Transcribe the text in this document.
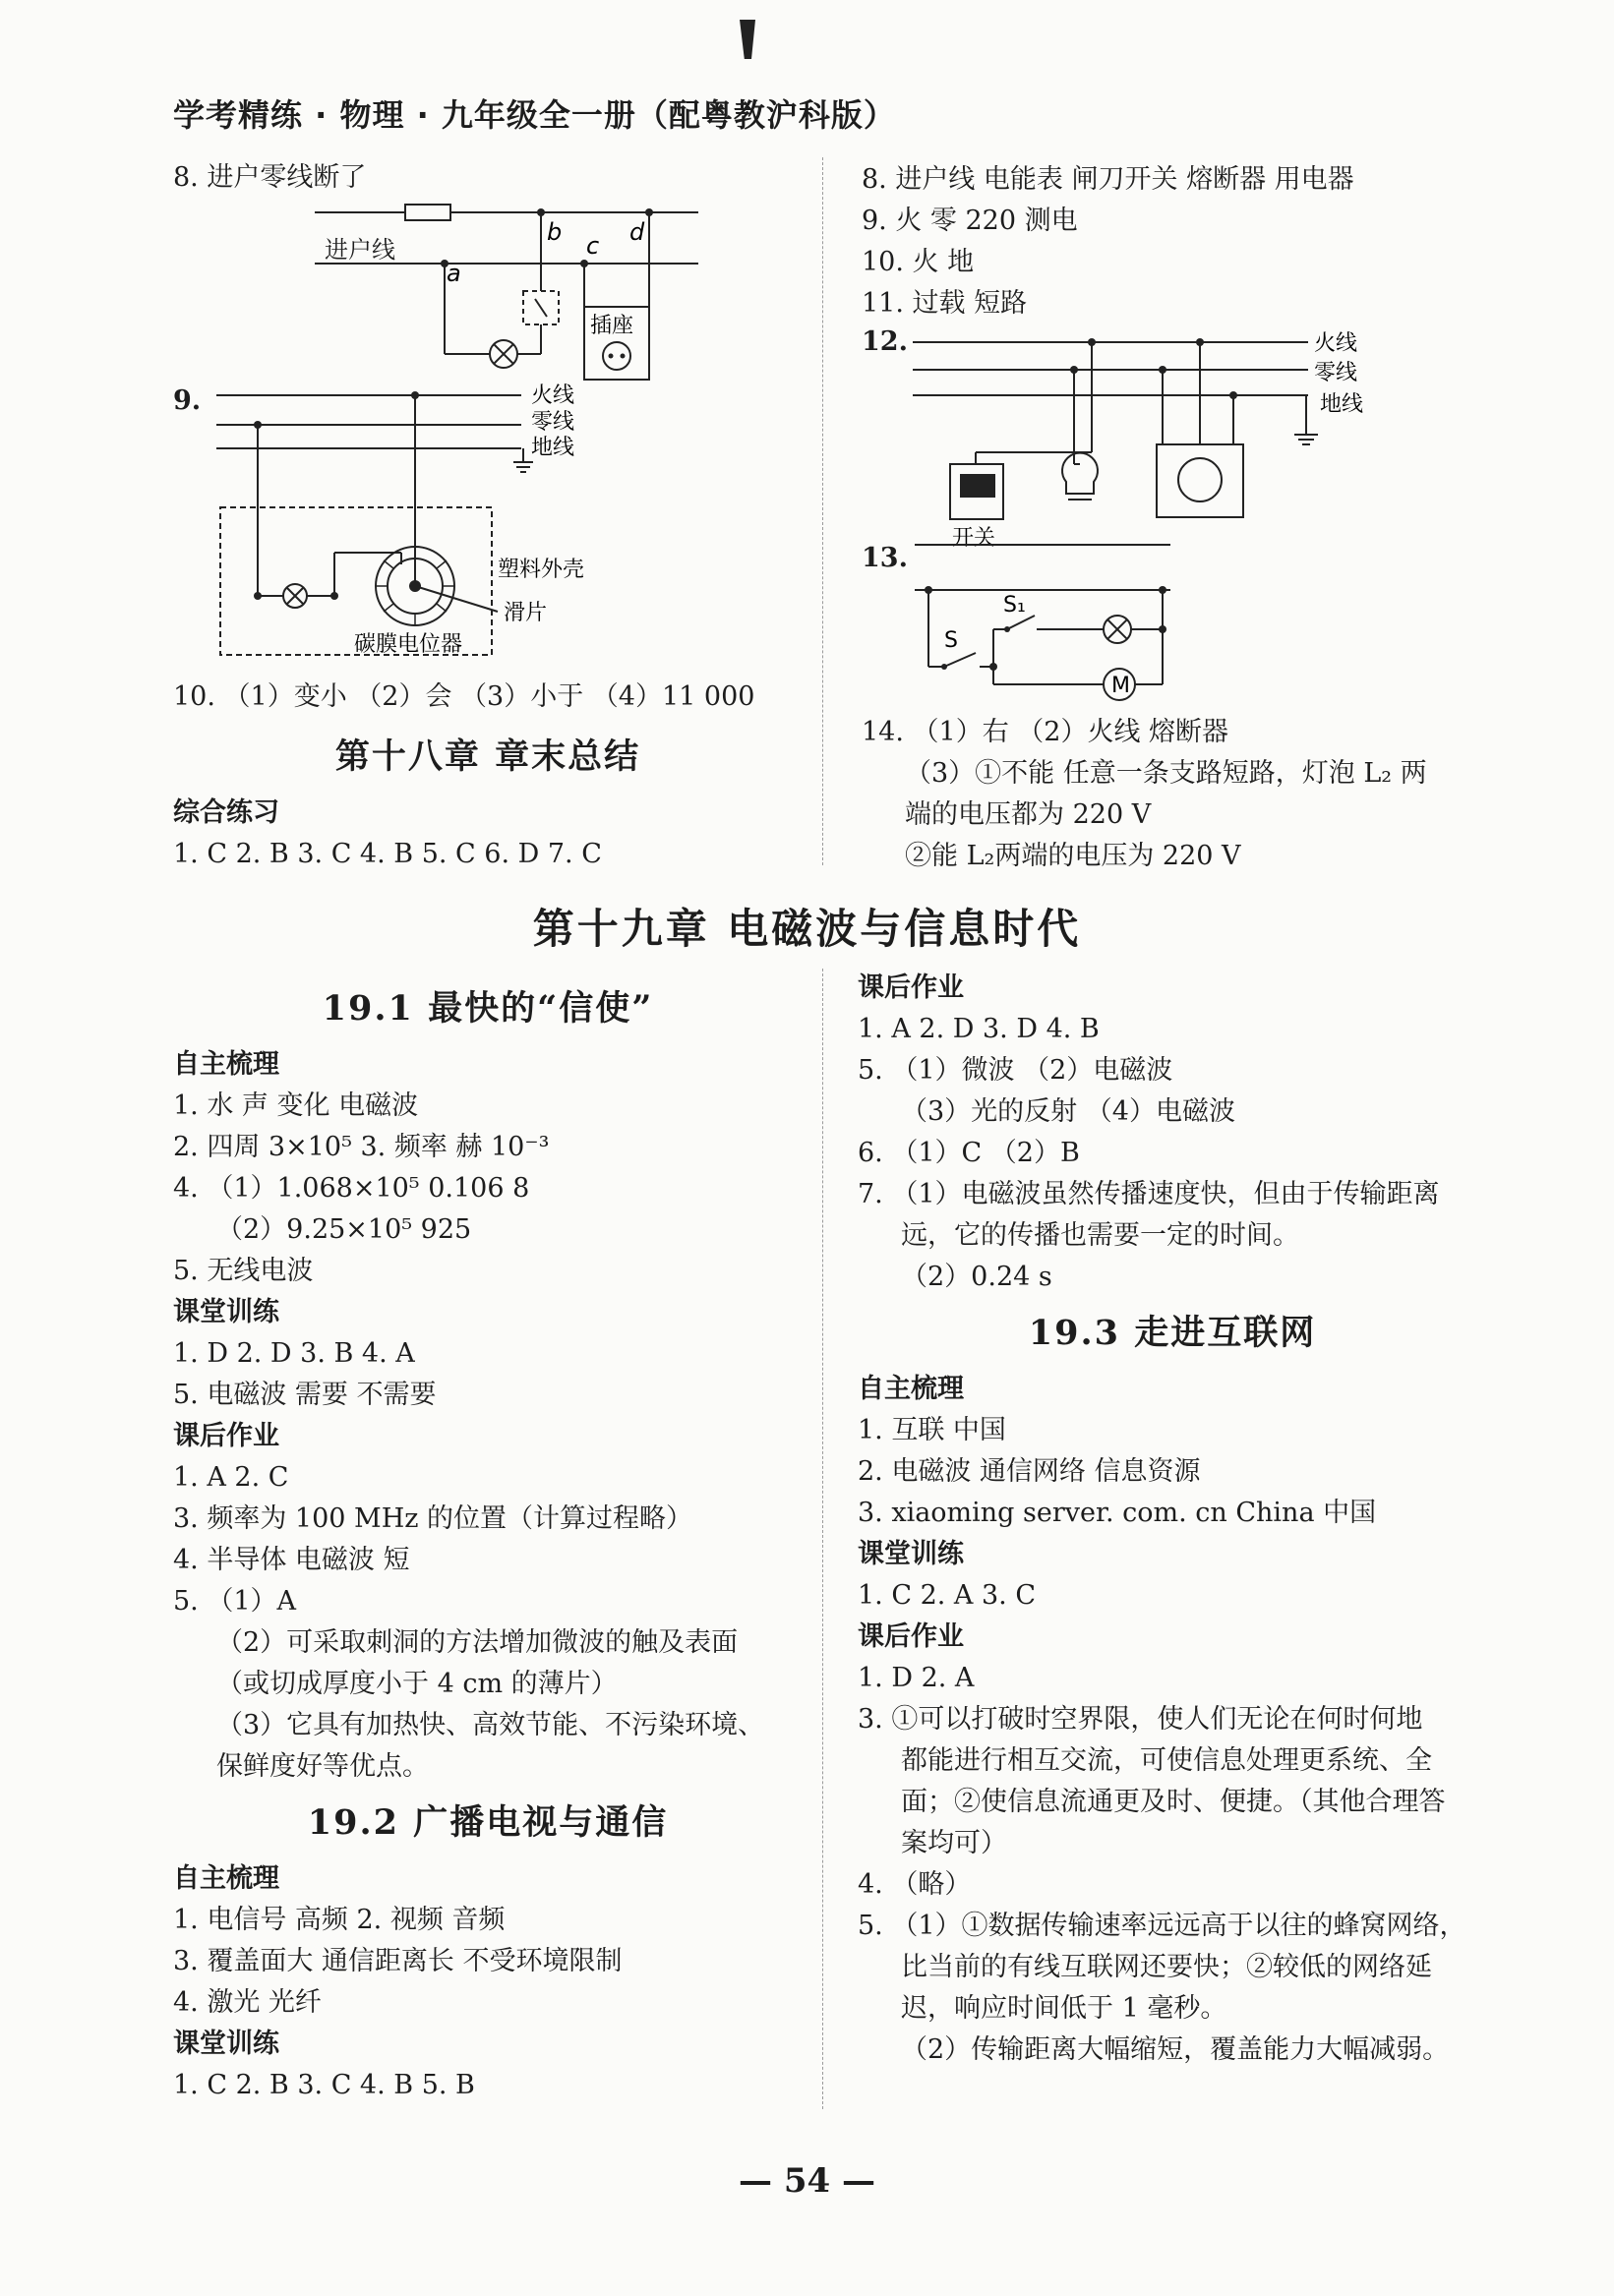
学考精练 · 物理 · 九年级全一册（配粤教沪科版）
8. 进户零线断了
a
b c d
插座
进户线
9.	火线
零线
地线
塑料外壳
滑片
碳膜电位器
10. （1）变小 （2）会 （3）小于 （4）11 000
第十八章 章末总结
综合练习
1. C 2. B 3. C 4. B 5. C 6. D 7. C
8. 进户线 电能表 闸刀开关 熔断器 用电器
9. 火 零 220 测电
10. 火 地
11. 过载 短路
12.	火线
零线
地线
开关
13.
S
S₁
M
14. （1）右 （2）火线 熔断器
（3）①不能 任意一条支路短路，灯泡 L₂ 两
端的电压都为 220 V
②能 L₂两端的电压为 220 V
第十九章 电磁波与信息时代
19.1 最快的“信使”
自主梳理
1. 水 声 变化 电磁波
2. 四周 3×10⁵ 3. 频率 赫 10⁻³
4. （1）1.068×10⁵ 0.106 8
（2）9.25×10⁵ 925
5. 无线电波
课堂训练
1. D 2. D 3. B 4. A
5. 电磁波 需要 不需要
课后作业
1. A 2. C
3. 频率为 100 MHz 的位置（计算过程略）
4. 半导体 电磁波 短
5. （1）A
（2）可采取刺洞的方法增加微波的触及表面
（或切成厚度小于 4 cm 的薄片）
（3）它具有加热快、高效节能、不污染环境、
保鲜度好等优点。
19.2 广播电视与通信
自主梳理
1. 电信号 高频 2. 视频 音频
3. 覆盖面大 通信距离长 不受环境限制
4. 激光 光纤
课堂训练
1. C 2. B 3. C 4. B 5. B
课后作业
1. A 2. D 3. D 4. B
5. （1）微波 （2）电磁波
（3）光的反射 （4）电磁波
6. （1）C （2）B
7. （1）电磁波虽然传播速度快，但由于传输距离
远，它的传播也需要一定的时间。
（2）0.24 s
19.3 走进互联网
自主梳理
1. 互联 中国
2. 电磁波 通信网络 信息资源
3. xiaoming server. com. cn China 中国
课堂训练
1. C 2. A 3. C
课后作业
1. D 2. A
3. ①可以打破时空界限，使人们无论在何时何地
都能进行相互交流，可使信息处理更系统、全
面；②使信息流通更及时、便捷。（其他合理答
案均可）
4. （略）
5. （1）①数据传输速率远远高于以往的蜂窝网络，
比当前的有线互联网还要快；②较低的网络延
迟，响应时间低于 1 毫秒。
（2）传输距离大幅缩短，覆盖能力大幅减弱。
— 54 —
